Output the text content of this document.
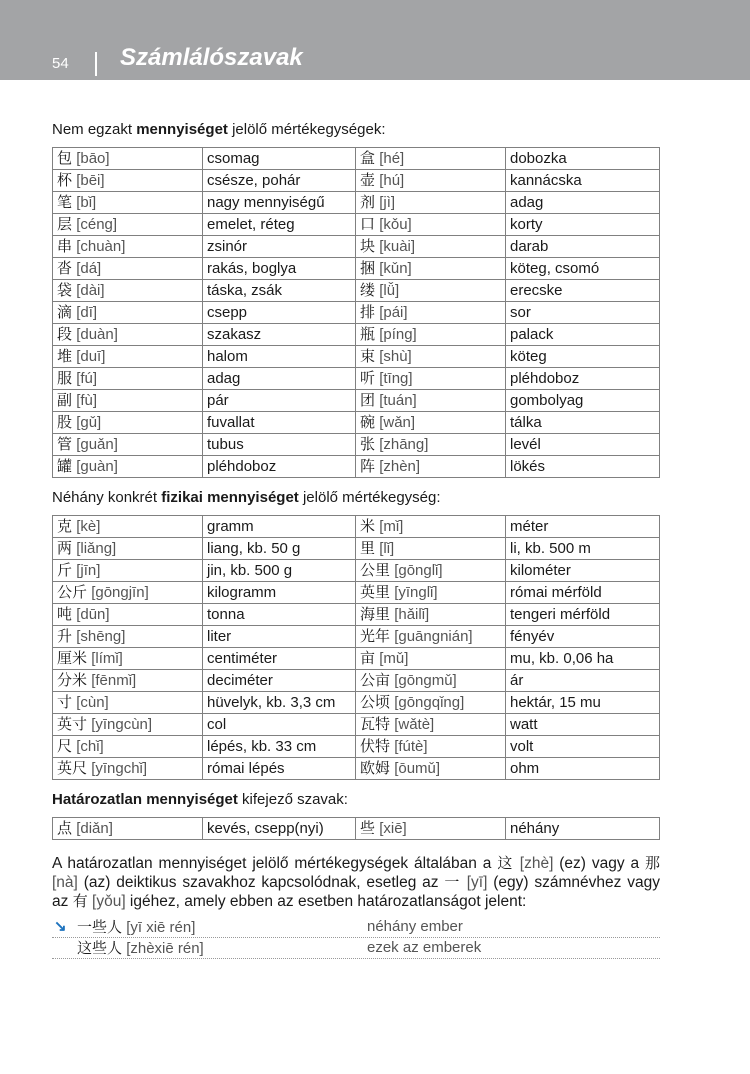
54 Számlálószavak

Nem egzakt mennyiséget jelölő mértékegységek:

包 [bāo]	csomag	盒 [hé]	dobozka
杯 [bēi]	csésze, pohár	壶 [hú]	kannácska
笔 [bǐ]	nagy mennyiségű	剂 [jì]	adag
层 [céng]	emelet, réteg	口 [kǒu]	korty
串 [chuàn]	zsinór	块 [kuài]	darab
沓 [dá]	rakás, boglya	捆 [kǔn]	köteg, csomó
袋 [dài]	táska, zsák	缕 [lǚ]	erecske
滴 [dī]	csepp	排 [pái]	sor
段 [duàn]	szakasz	瓶 [píng]	palack
堆 [duī]	halom	束 [shù]	köteg
服 [fú]	adag	听 [tīng]	pléhdoboz
副 [fù]	pár	团 [tuán]	gombolyag
股 [gǔ]	fuvallat	碗 [wǎn]	tálka
管 [guǎn]	tubus	张 [zhāng]	levél
罐 [guàn]	pléhdoboz	阵 [zhèn]	lökés

Néhány konkrét fizikai mennyiséget jelölő mértékegység:

克 [kè]	gramm	米 [mǐ]	méter
两 [liǎng]	liang, kb. 50 g	里 [lǐ]	li, kb. 500 m
斤 [jīn]	jin, kb. 500 g	公里 [gōnglǐ]	kilométer
公斤 [gōngjīn]	kilogramm	英里 [yīnglǐ]	római mérföld
吨 [dūn]	tonna	海里 [hǎilǐ]	tengeri mérföld
升 [shēng]	liter	光年 [guāngnián]	fényév
厘米 [límǐ]	centiméter	亩 [mǔ]	mu, kb. 0,06 ha
分米 [fēnmǐ]	deciméter	公亩 [gōngmǔ]	ár
寸 [cùn]	hüvelyk, kb. 3,3 cm	公顷 [gōngqǐng]	hektár, 15 mu
英寸 [yīngcùn]	col	瓦特 [wǎtè]	watt
尺 [chǐ]	lépés, kb. 33 cm	伏特 [fútè]	volt
英尺 [yīngchǐ]	római lépés	欧姆 [ōumǔ]	ohm

Határozatlan mennyiséget kifejező szavak:

点 [diǎn]	kevés, csepp(nyi)	些 [xiē]	néhány

A határozatlan mennyiséget jelölő mértékegységek általában a 这 [zhè] (ez) vagy a 那 [nà] (az) deiktikus szavakhoz kapcsolódnak, esetleg az 一 [yī] (egy) számnévhez vagy az 有 [yǒu] igéhez, amely ebben az esetben határozatlanságot jelent:

↘ 一些人 [yī xiē rén]	néhány ember
这些人 [zhèxiē rén]	ezek az emberek
